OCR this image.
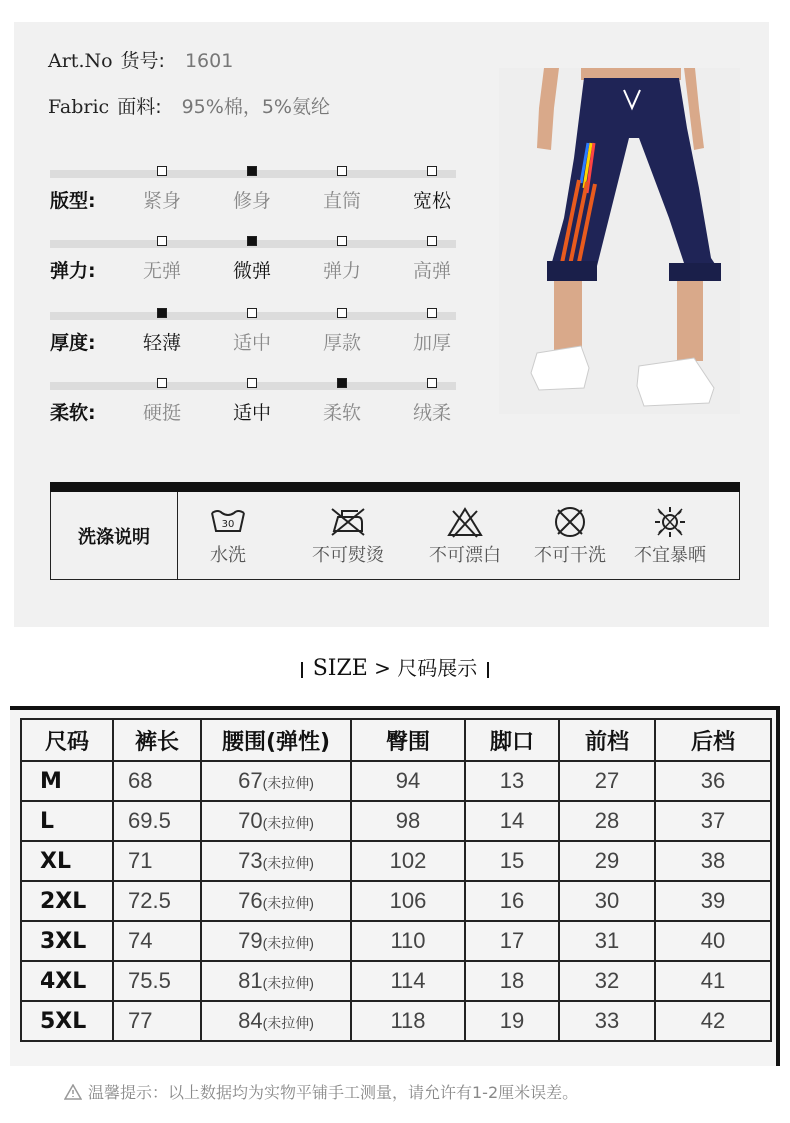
Art.No 货号: 1601
Fabric 面料: 95%棉，5%氨纶
版型:	紧身	修身	直筒	宽松
弹力:	无弹	微弹	弹力	高弹
厚度:	轻薄	适中	厚款	加厚
柔软:	硬挺	适中	柔软	绒柔
洗涤说明
30
水洗	不可熨烫	不可漂白	不可干洗	不宜暴晒
SIZE > 尺码展示
尺码	裤长	腰围(弹性)	臀围	脚口	前档	后档
M	68	67(未拉伸)	94	13	27	36
L	69.5	70(未拉伸)	98	14	28	37
XL	71	73(未拉伸)	102	15	29	38
2XL	72.5	76(未拉伸)	106	16	30	39
3XL	74	79(未拉伸)	110	17	31	40
4XL	75.5	81(未拉伸)	114	18	32	41
5XL	77	84(未拉伸)	118	19	33	42
温馨提示：以上数据均为实物平铺手工测量，请允许有1-2厘米误差。
